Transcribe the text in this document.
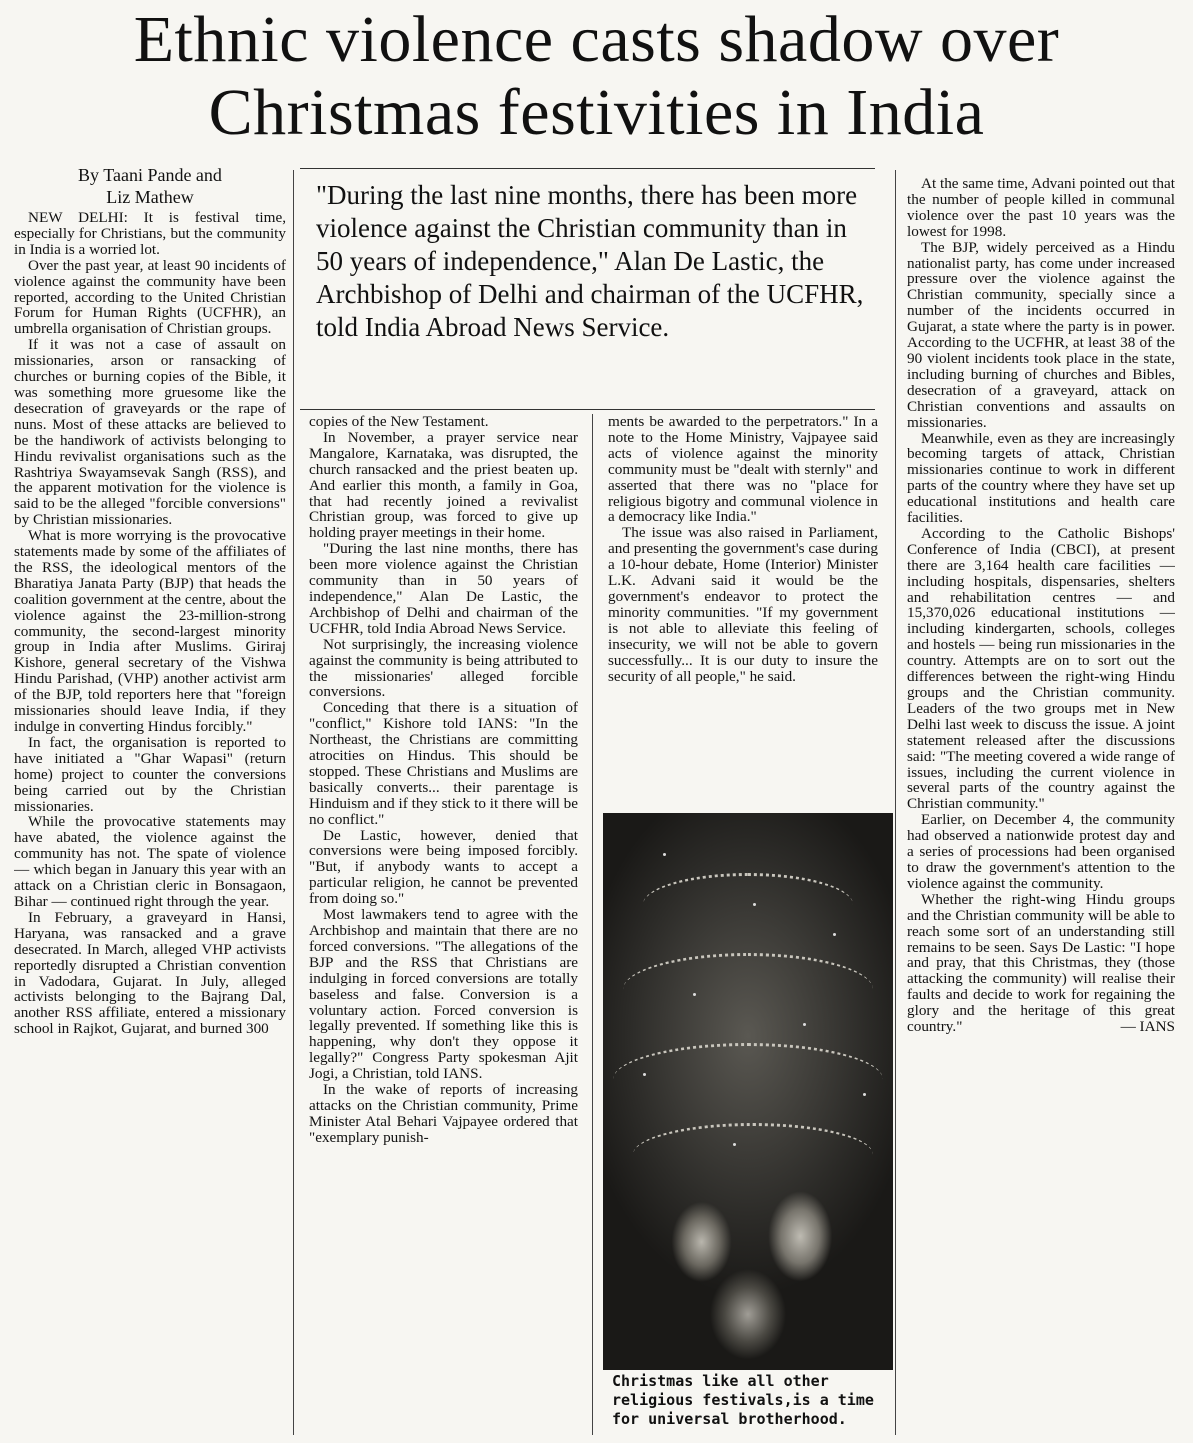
Ethnic violence casts shadow over Christmas festivities in India
By Taani Pande and
Liz Mathew

NEW DELHI: It is festival time, especially for Christians, but the community in India is a worried lot.

Over the past year, at least 90 incidents of violence against the community have been reported, according to the United Christian Forum for Human Rights (UCFHR), an umbrella organisation of Christian groups.

If it was not a case of assault on missionaries, arson or ransacking of churches or burning copies of the Bible, it was something more gruesome like the desecration of graveyards or the rape of nuns. Most of these attacks are believed to be the handiwork of activists belonging to Hindu revivalist organisations such as the Rashtriya Swayamsevak Sangh (RSS), and the apparent motivation for the violence is said to be the alleged "forcible conversions" by Christian missionaries.

What is more worrying is the provocative statements made by some of the affiliates of the RSS, the ideological mentors of the Bharatiya Janata Party (BJP) that heads the coalition government at the centre, about the violence against the 23-million-strong community, the second-largest minority group in India after Muslims. Giriraj Kishore, general secretary of the Vishwa Hindu Parishad, (VHP) another activist arm of the BJP, told reporters here that "foreign missionaries should leave India, if they indulge in converting Hindus forcibly."

In fact, the organisation is reported to have initiated a "Ghar Wapasi" (return home) project to counter the conversions being carried out by the Christian missionaries.

While the provocative statements may have abated, the violence against the community has not. The spate of violence — which began in January this year with an attack on a Christian cleric in Bonsagaon, Bihar — continued right through the year.

In February, a graveyard in Hansi, Haryana, was ransacked and a grave desecrated. In March, alleged VHP activists reportedly disrupted a Christian convention in Vadodara, Gujarat. In July, alleged activists belonging to the Bajrang Dal, another RSS affiliate, entered a missionary school in Rajkot, Gujarat, and burned 300

"During the last nine months, there has been more violence against the Christian community than in 50 years of independence," Alan De Lastic, the Archbishop of Delhi and chairman of the UCFHR, told India Abroad News Service.

copies of the New Testament.

In November, a prayer service near Mangalore, Karnataka, was disrupted, the church ransacked and the priest beaten up. And earlier this month, a family in Goa, that had recently joined a revivalist Christian group, was forced to give up holding prayer meetings in their home.

"During the last nine months, there has been more violence against the Christian community than in 50 years of independence," Alan De Lastic, the Archbishop of Delhi and chairman of the UCFHR, told India Abroad News Service.

Not surprisingly, the increasing violence against the community is being attributed to the missionaries' alleged forcible conversions.

Conceding that there is a situation of "conflict," Kishore told IANS: "In the Northeast, the Christians are committing atrocities on Hindus. This should be stopped. These Christians and Muslims are basically converts... their parentage is Hinduism and if they stick to it there will be no conflict."

De Lastic, however, denied that conversions were being imposed forcibly. "But, if anybody wants to accept a particular religion, he cannot be prevented from doing so."

Most lawmakers tend to agree with the Archbishop and maintain that there are no forced conversions. "The allegations of the BJP and the RSS that Christians are indulging in forced conversions are totally baseless and false. Conversion is a voluntary action. Forced conversion is legally prevented. If something like this is happening, why don't they oppose it legally?" Congress Party spokesman Ajit Jogi, a Christian, told IANS.

In the wake of reports of increasing attacks on the Christian community, Prime Minister Atal Behari Vajpayee ordered that "exemplary punish-

ments be awarded to the perpetrators." In a note to the Home Ministry, Vajpayee said acts of violence against the minority community must be "dealt with sternly" and asserted that there was no "place for religious bigotry and communal violence in a democracy like India."

The issue was also raised in Parliament, and presenting the government's case during a 10-hour debate, Home (Interior) Minister L.K. Advani said it would be the government's endeavor to protect the minority communities. "If my government is not able to alleviate this feeling of insecurity, we will not be able to govern successfully... It is our duty to insure the security of all people," he said.

Christmas like all other religious festivals,is a time for universal brotherhood.

At the same time, Advani pointed out that the number of people killed in communal violence over the past 10 years was the lowest for 1998.

The BJP, widely perceived as a Hindu nationalist party, has come under increased pressure over the violence against the Christian community, specially since a number of the incidents occurred in Gujarat, a state where the party is in power. According to the UCFHR, at least 38 of the 90 violent incidents took place in the state, including burning of churches and Bibles, desecration of a graveyard, attack on Christian conventions and assaults on missionaries.

Meanwhile, even as they are increasingly becoming targets of attack, Christian missionaries continue to work in different parts of the country where they have set up educational institutions and health care facilities.

According to the Catholic Bishops' Conference of India (CBCI), at present there are 3,164 health care facilities — including hospitals, dispensaries, shelters and rehabilitation centres — and 15,370,026 educational institutions — including kindergarten, schools, colleges and hostels — being run missionaries in the country. Attempts are on to sort out the differences between the right-wing Hindu groups and the Christian community. Leaders of the two groups met in New Delhi last week to discuss the issue. A joint statement released after the discussions said: "The meeting covered a wide range of issues, including the current violence in several parts of the country against the Christian community."

Earlier, on December 4, the community had observed a nationwide protest day and a series of processions had been organised to draw the government's attention to the violence against the community.

Whether the right-wing Hindu groups and the Christian community will be able to reach some sort of an understanding still remains to be seen. Says De Lastic: "I hope and pray, that this Christmas, they (those attacking the community) will realise their faults and decide to work for regaining the glory and the heritage of this great country."	— IANS
